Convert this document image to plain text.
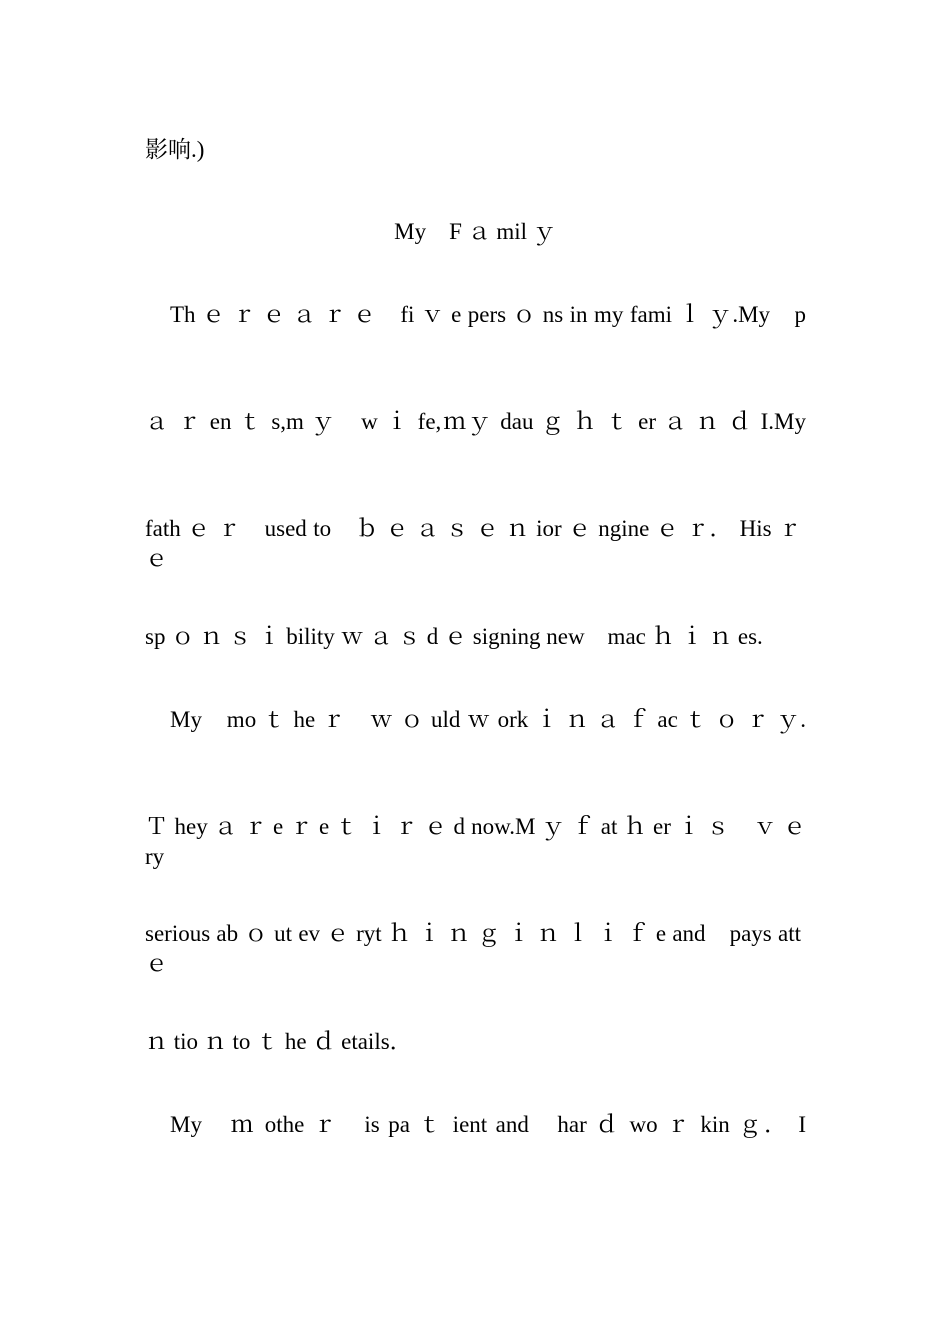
影响.)
My　F ａ mil ｙ
Th ｅ ｒ ｅ ａ ｒ ｅ　fi ｖ e pers ｏ ns in my fami ｌ ｙ.My　p
ａ ｒ en ｔ s,m ｙ　w ｉ fe,ｍｙ dau ｇ ｈ ｔ er ａ ｎ ｄ I.My
fath ｅ ｒ　used to　ｂ ｅ ａ ｓ ｅ ｎ ior ｅ ngine ｅ ｒ． His ｒ ｅ
sp ｏ ｎ ｓ ｉ bility ｗ ａ ｓ d ｅ signing new　mac ｈ ｉ ｎ es.
My　mo ｔ he ｒ　ｗ ｏ uld ｗ ork ｉ ｎ ａ ｆ ac ｔ ｏ ｒ ｙ.
Ｔ hey ａ ｒ e ｒ e ｔ ｉ ｒ ｅ d now.M ｙ ｆ at ｈ er ｉ ｓ　ｖ ｅ ry
serious ab ｏ ut ev ｅ ryt ｈ ｉ ｎ ｇ ｉ ｎ ｌ ｉ ｆ e and　pays att ｅ
ｎ tio ｎ to ｔ he ｄ etails．
My　ｍ othe ｒ　is pa ｔ ient and　har ｄ wo ｒ kin ｇ． I
